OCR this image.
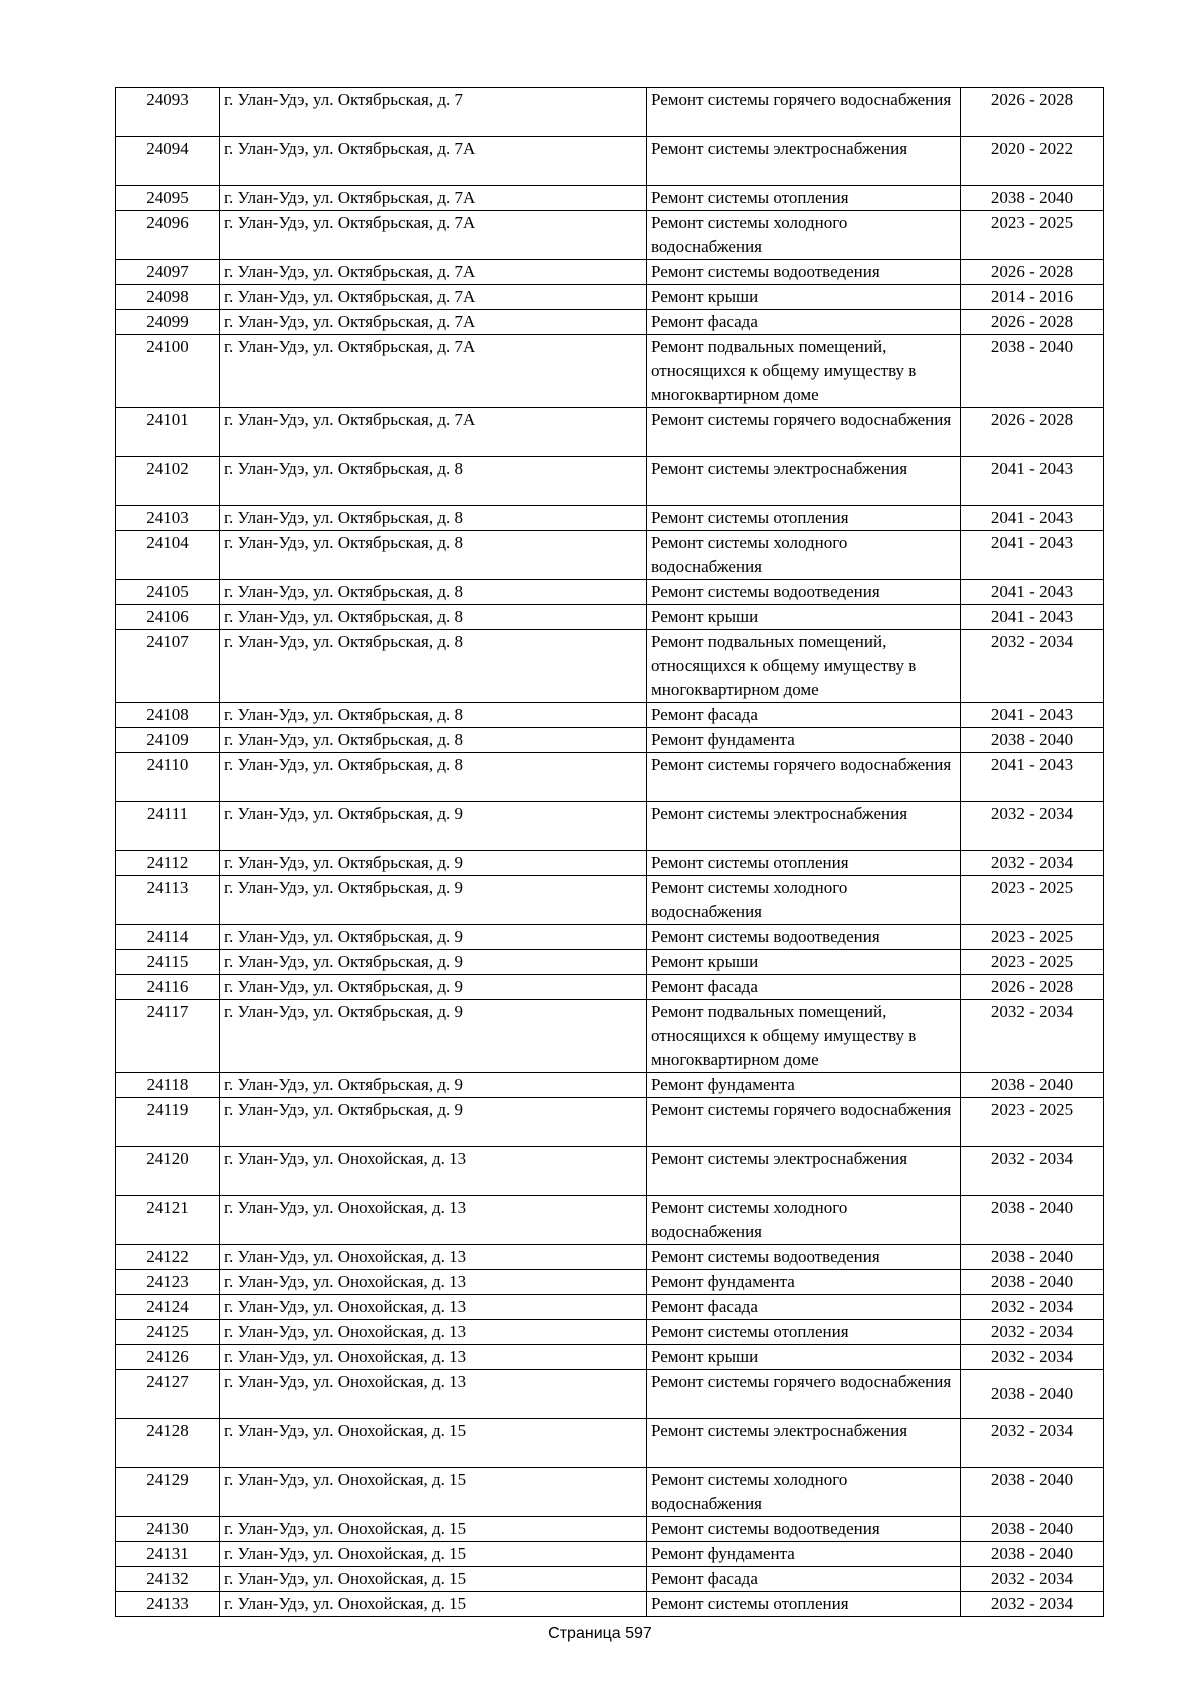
24093	г. Улан-Удэ, ул. Октябрьская, д. 7	Ремонт системы горячего водоснабжения	2026 - 2028
24094	г. Улан-Удэ, ул. Октябрьская, д. 7А	Ремонт системы электроснабжения	2020 - 2022
24095	г. Улан-Удэ, ул. Октябрьская, д. 7А	Ремонт системы отопления	2038 - 2040
24096	г. Улан-Удэ, ул. Октябрьская, д. 7А	Ремонт системы холодного водоснабжения	2023 - 2025
24097	г. Улан-Удэ, ул. Октябрьская, д. 7А	Ремонт системы водоотведения	2026 - 2028
24098	г. Улан-Удэ, ул. Октябрьская, д. 7А	Ремонт крыши	2014 - 2016
24099	г. Улан-Удэ, ул. Октябрьская, д. 7А	Ремонт фасада	2026 - 2028
24100	г. Улан-Удэ, ул. Октябрьская, д. 7А	Ремонт подвальных помещений, относящихся к общему имуществу в многоквартирном доме	2038 - 2040
24101	г. Улан-Удэ, ул. Октябрьская, д. 7А	Ремонт системы горячего водоснабжения	2026 - 2028
24102	г. Улан-Удэ, ул. Октябрьская, д. 8	Ремонт системы электроснабжения	2041 - 2043
24103	г. Улан-Удэ, ул. Октябрьская, д. 8	Ремонт системы отопления	2041 - 2043
24104	г. Улан-Удэ, ул. Октябрьская, д. 8	Ремонт системы холодного водоснабжения	2041 - 2043
24105	г. Улан-Удэ, ул. Октябрьская, д. 8	Ремонт системы водоотведения	2041 - 2043
24106	г. Улан-Удэ, ул. Октябрьская, д. 8	Ремонт крыши	2041 - 2043
24107	г. Улан-Удэ, ул. Октябрьская, д. 8	Ремонт подвальных помещений, относящихся к общему имуществу в многоквартирном доме	2032 - 2034
24108	г. Улан-Удэ, ул. Октябрьская, д. 8	Ремонт фасада	2041 - 2043
24109	г. Улан-Удэ, ул. Октябрьская, д. 8	Ремонт фундамента	2038 - 2040
24110	г. Улан-Удэ, ул. Октябрьская, д. 8	Ремонт системы горячего водоснабжения	2041 - 2043
24111	г. Улан-Удэ, ул. Октябрьская, д. 9	Ремонт системы электроснабжения	2032 - 2034
24112	г. Улан-Удэ, ул. Октябрьская, д. 9	Ремонт системы отопления	2032 - 2034
24113	г. Улан-Удэ, ул. Октябрьская, д. 9	Ремонт системы холодного водоснабжения	2023 - 2025
24114	г. Улан-Удэ, ул. Октябрьская, д. 9	Ремонт системы водоотведения	2023 - 2025
24115	г. Улан-Удэ, ул. Октябрьская, д. 9	Ремонт крыши	2023 - 2025
24116	г. Улан-Удэ, ул. Октябрьская, д. 9	Ремонт фасада	2026 - 2028
24117	г. Улан-Удэ, ул. Октябрьская, д. 9	Ремонт подвальных помещений, относящихся к общему имуществу в многоквартирном доме	2032 - 2034
24118	г. Улан-Удэ, ул. Октябрьская, д. 9	Ремонт фундамента	2038 - 2040
24119	г. Улан-Удэ, ул. Октябрьская, д. 9	Ремонт системы горячего водоснабжения	2023 - 2025
24120	г. Улан-Удэ, ул. Онохойская, д. 13	Ремонт системы электроснабжения	2032 - 2034
24121	г. Улан-Удэ, ул. Онохойская, д. 13	Ремонт системы холодного водоснабжения	2038 - 2040
24122	г. Улан-Удэ, ул. Онохойская, д. 13	Ремонт системы водоотведения	2038 - 2040
24123	г. Улан-Удэ, ул. Онохойская, д. 13	Ремонт фундамента	2038 - 2040
24124	г. Улан-Удэ, ул. Онохойская, д. 13	Ремонт фасада	2032 - 2034
24125	г. Улан-Удэ, ул. Онохойская, д. 13	Ремонт системы отопления	2032 - 2034
24126	г. Улан-Удэ, ул. Онохойская, д. 13	Ремонт крыши	2032 - 2034
24127	г. Улан-Удэ, ул. Онохойская, д. 13	Ремонт системы горячего водоснабжения	2038 - 2040
24128	г. Улан-Удэ, ул. Онохойская, д. 15	Ремонт системы электроснабжения	2032 - 2034
24129	г. Улан-Удэ, ул. Онохойская, д. 15	Ремонт системы холодного водоснабжения	2038 - 2040
24130	г. Улан-Удэ, ул. Онохойская, д. 15	Ремонт системы водоотведения	2038 - 2040
24131	г. Улан-Удэ, ул. Онохойская, д. 15	Ремонт фундамента	2038 - 2040
24132	г. Улан-Удэ, ул. Онохойская, д. 15	Ремонт фасада	2032 - 2034
24133	г. Улан-Удэ, ул. Онохойская, д. 15	Ремонт системы отопления	2032 - 2034
Страница 597
